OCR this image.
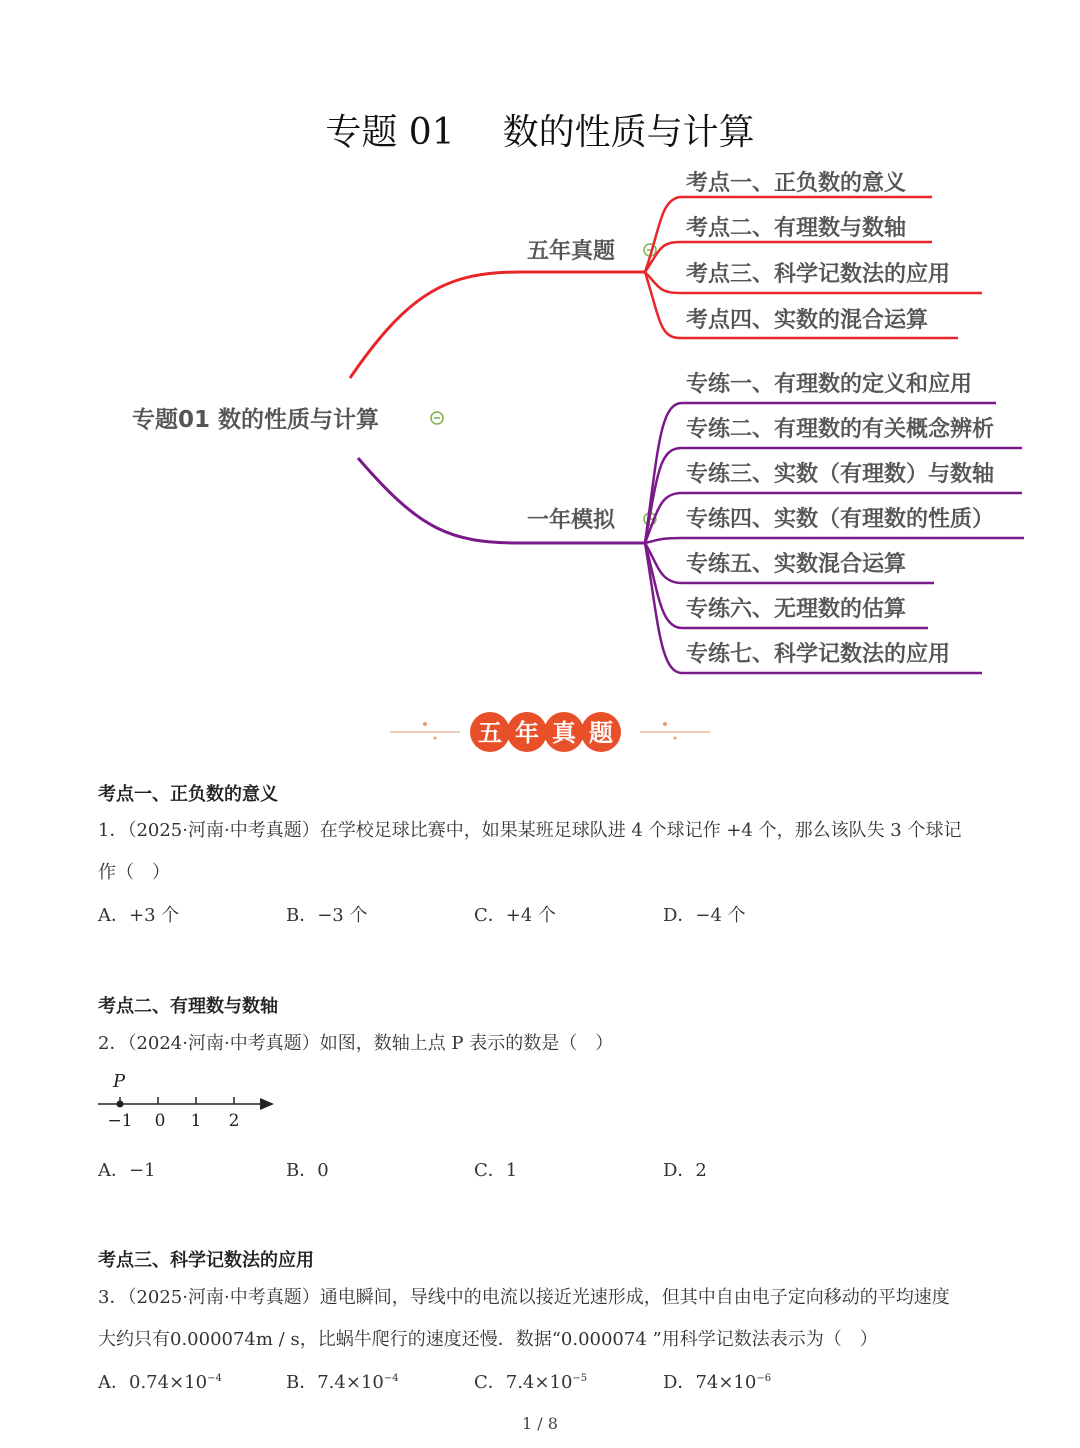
专题 01 数的性质与计算
专题01 数的性质与计算
五年真题
考点一、正负数的意义
考点二、有理数与数轴
考点三、科学记数法的应用
考点四、实数的混合运算
一年模拟
专练一、有理数的定义和应用
专练二、有理数的有关概念辨析
专练三、实数（有理数）与数轴
专练四、实数（有理数的性质）
专练五、实数混合运算
专练六、无理数的估算
专练七、科学记数法的应用
五 年 真 题
考点一、正负数的意义
1．（2025·河南·中考真题）在学校足球比赛中，如果某班足球队进 4 个球记作 +4 个，那么该队失 3 个球记
作（　）
A．+3 个	B．−3 个	C．+4 个	D．−4 个
考点二、有理数与数轴
2．（2024·河南·中考真题）如图，数轴上点 P 表示的数是（　）
P
−1 0 1 2
A．−1	B．0	C．1	D．2
考点三、科学记数法的应用
3．（2025·河南·中考真题）通电瞬间，导线中的电流以接近光速形成，但其中自由电子定向移动的平均速度
大约只有0.000074m / s，比蜗牛爬行的速度还慢．数据“0.000074 ”用科学记数法表示为（　）
A．$0.74\times 10^{-4}$	B．$7.4\times 10^{-4}$	C．$7.4\times 10^{-5}$	D．$74\times 10^{-6}$
1 / 8
